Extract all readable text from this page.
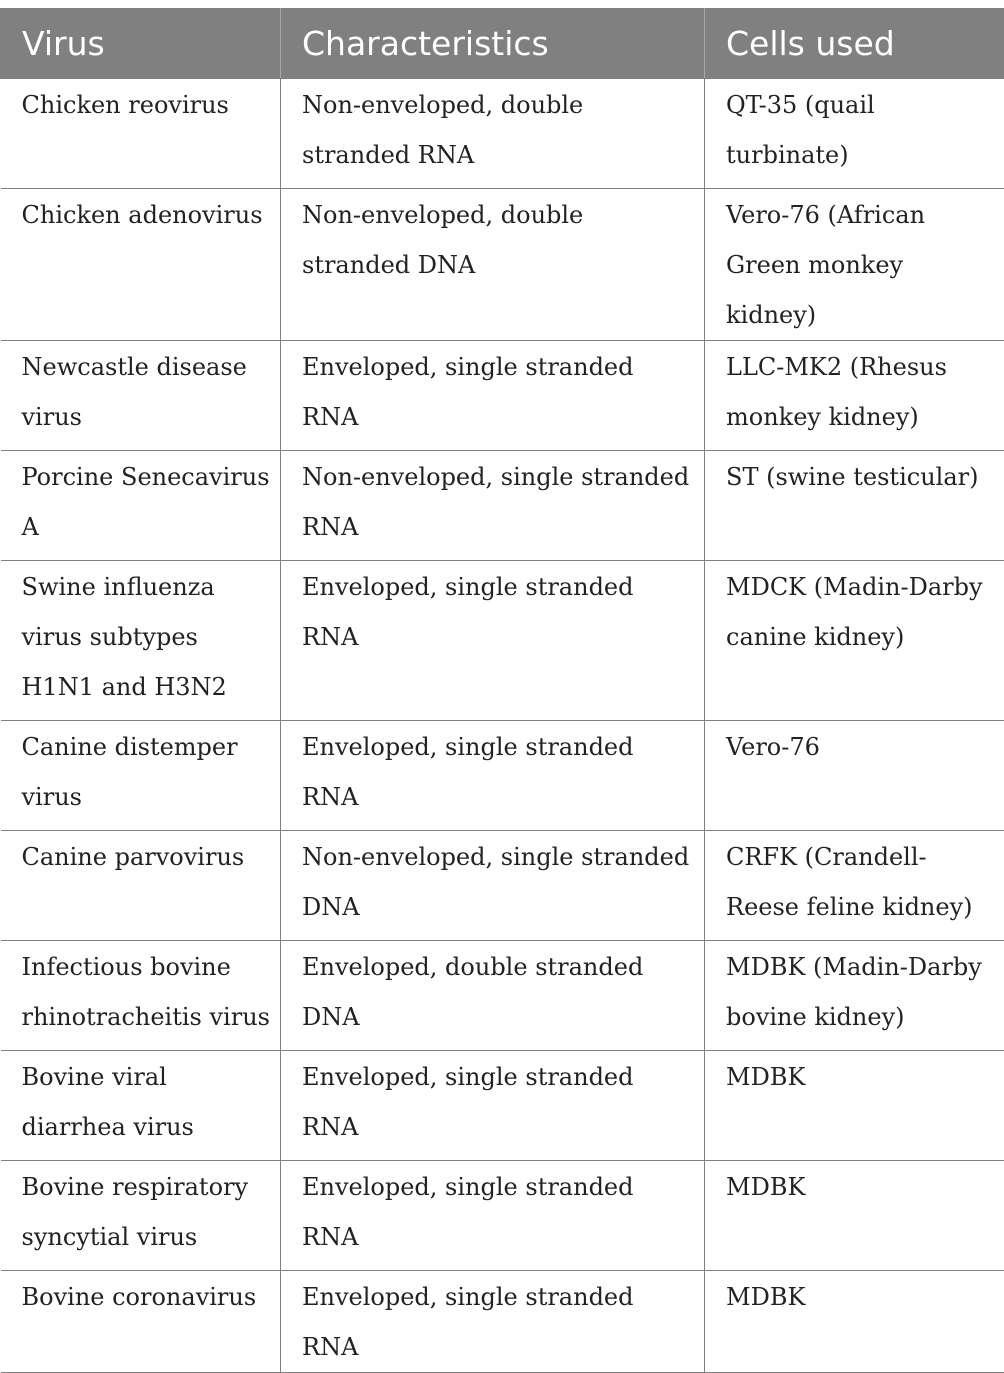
Virus	Characteristics	Cells used

Chicken reovirus	Non-enveloped, double stranded RNA	QT-35 (quail turbinate)

Chicken adenovirus	Non-enveloped, double stranded DNA	Vero-76 (African Green monkey kidney)

Newcastle disease virus	Enveloped, single stranded RNA	LLC-MK2 (Rhesus monkey kidney)

Porcine Senecavirus A	Non-enveloped, single stranded RNA	ST (swine testicular)

Swine influenza virus subtypes H1N1 and H3N2	Enveloped, single stranded RNA	MDCK (Madin-Darby canine kidney)

Canine distemper virus	Enveloped, single stranded RNA	Vero-76

Canine parvovirus	Non-enveloped, single stranded DNA	CRFK (Crandell-Reese feline kidney)

Infectious bovine rhinotracheitis virus	Enveloped, double stranded DNA	MDBK (Madin-Darby bovine kidney)

Bovine viral diarrhea virus	Enveloped, single stranded RNA	MDBK

Bovine respiratory syncytial virus	Enveloped, single stranded RNA	MDBK

Bovine coronavirus	Enveloped, single stranded RNA	MDBK
